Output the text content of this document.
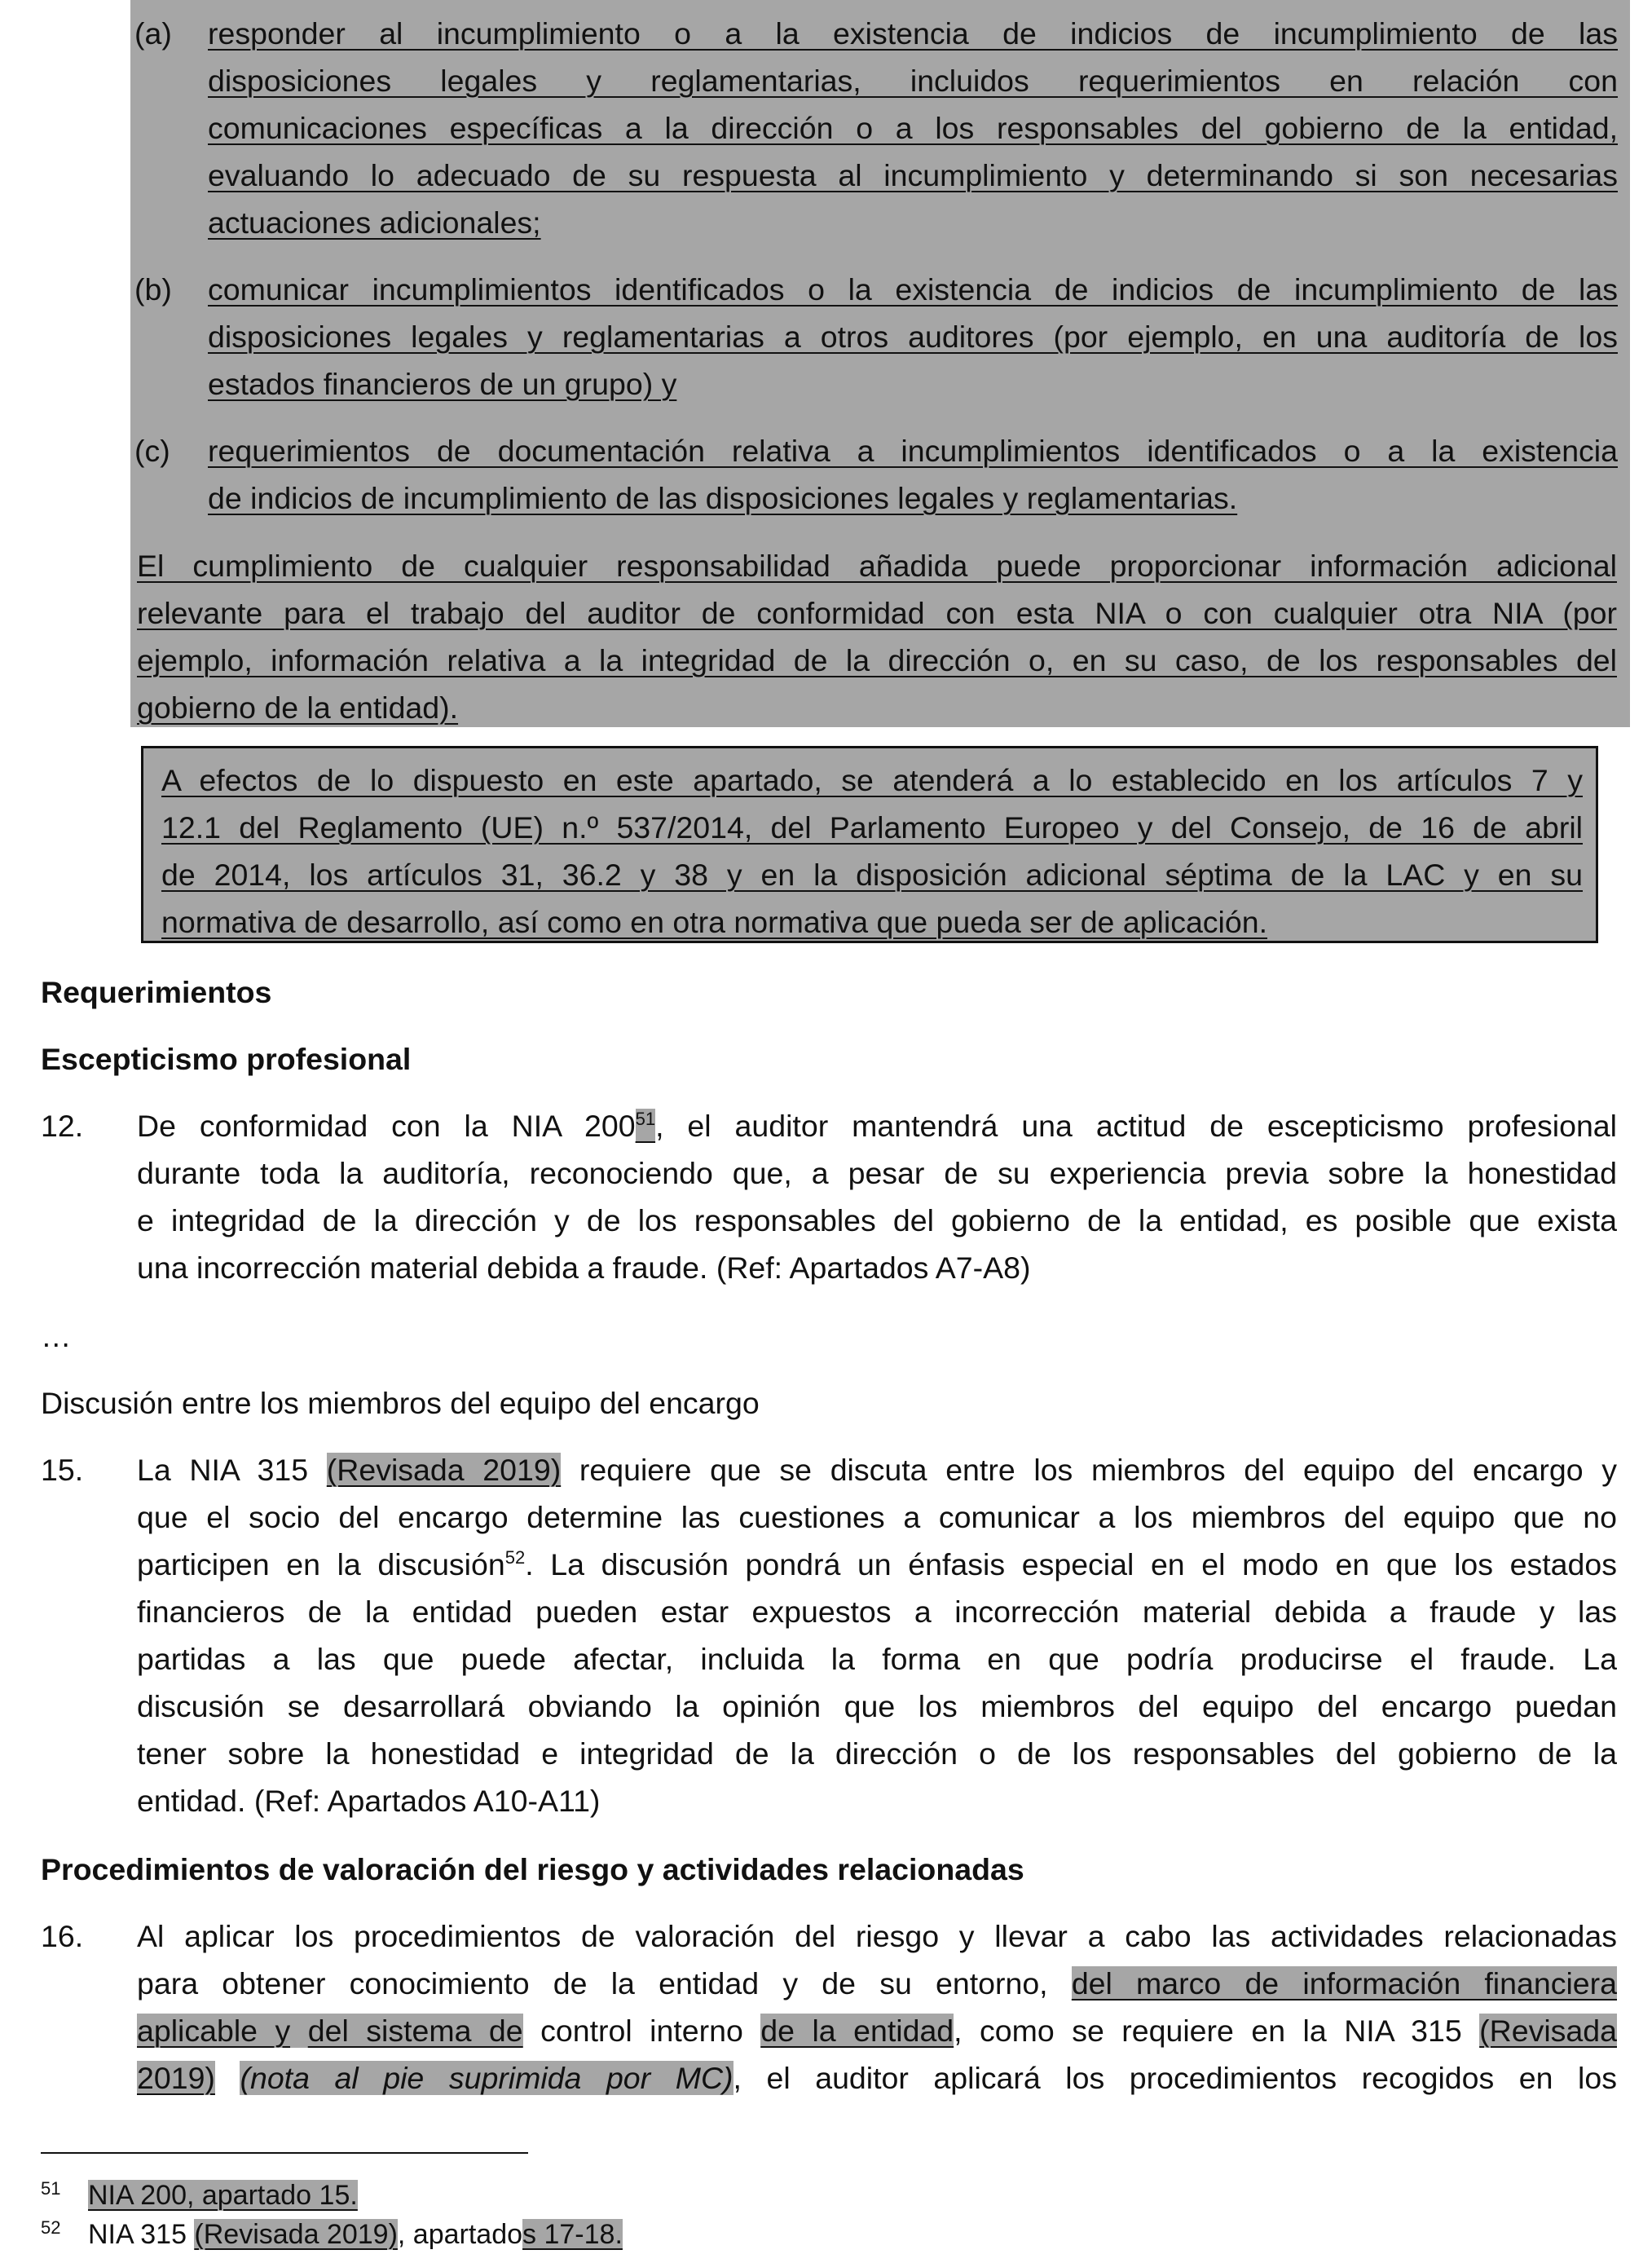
(a) responder al incumplimiento o a la existencia de indicios de incumplimiento de las
disposiciones legales y reglamentarias, incluidos requerimientos en relación con
comunicaciones específicas a la dirección o a los responsables del gobierno de la entidad,
evaluando lo adecuado de su respuesta al incumplimiento y determinando si son necesarias
actuaciones adicionales;
(b) comunicar incumplimientos identificados o la existencia de indicios de incumplimiento de las
disposiciones legales y reglamentarias a otros auditores (por ejemplo, en una auditoría de los
estados financieros de un grupo) y
(c) requerimientos de documentación relativa a incumplimientos identificados o a la existencia
de indicios de incumplimiento de las disposiciones legales y reglamentarias.
El cumplimiento de cualquier responsabilidad añadida puede proporcionar información adicional
relevante para el trabajo del auditor de conformidad con esta NIA o con cualquier otra NIA (por
ejemplo, información relativa a la integridad de la dirección o, en su caso, de los responsables del
gobierno de la entidad).
A efectos de lo dispuesto en este apartado, se atenderá a lo establecido en los artículos 7 y
12.1 del Reglamento (UE) n.º 537/2014, del Parlamento Europeo y del Consejo, de 16 de abril
de 2014, los artículos 31, 36.2 y 38 y en la disposición adicional séptima de la LAC y en su
normativa de desarrollo, así como en otra normativa que pueda ser de aplicación.
Requerimientos
Escepticismo profesional
12. De conformidad con la NIA $200^{51}$, el auditor mantendrá una actitud de escepticismo profesional
durante toda la auditoría, reconociendo que, a pesar de su experiencia previa sobre la honestidad
e integridad de la dirección y de los responsables del gobierno de la entidad, es posible que exista
una incorrección material debida a fraude. (Ref: Apartados A7-A8)
…
Discusión entre los miembros del equipo del encargo
15. La NIA 315 (Revisada 2019) requiere que se discuta entre los miembros del equipo del encargo y
que el socio del encargo determine las cuestiones a comunicar a los miembros del equipo que no
participen en la discusión$^{52}$. La discusión pondrá un énfasis especial en el modo en que los estados
financieros de la entidad pueden estar expuestos a incorrección material debida a fraude y las
partidas a las que puede afectar, incluida la forma en que podría producirse el fraude. La
discusión se desarrollará obviando la opinión que los miembros del equipo del encargo puedan
tener sobre la honestidad e integridad de la dirección o de los responsables del gobierno de la
entidad. (Ref: Apartados A10-A11)
Procedimientos de valoración del riesgo y actividades relacionadas
16. Al aplicar los procedimientos de valoración del riesgo y llevar a cabo las actividades relacionadas
para obtener conocimiento de la entidad y de su entorno, del marco de información financiera
aplicable y del sistema de control interno de la entidad, como se requiere en la NIA 315 (Revisada
2019) (nota al pie suprimida por MC), el auditor aplicará los procedimientos recogidos en los
51 NIA 200, apartado 15.
52 NIA 315 (Revisada 2019), apartados 17-18.
